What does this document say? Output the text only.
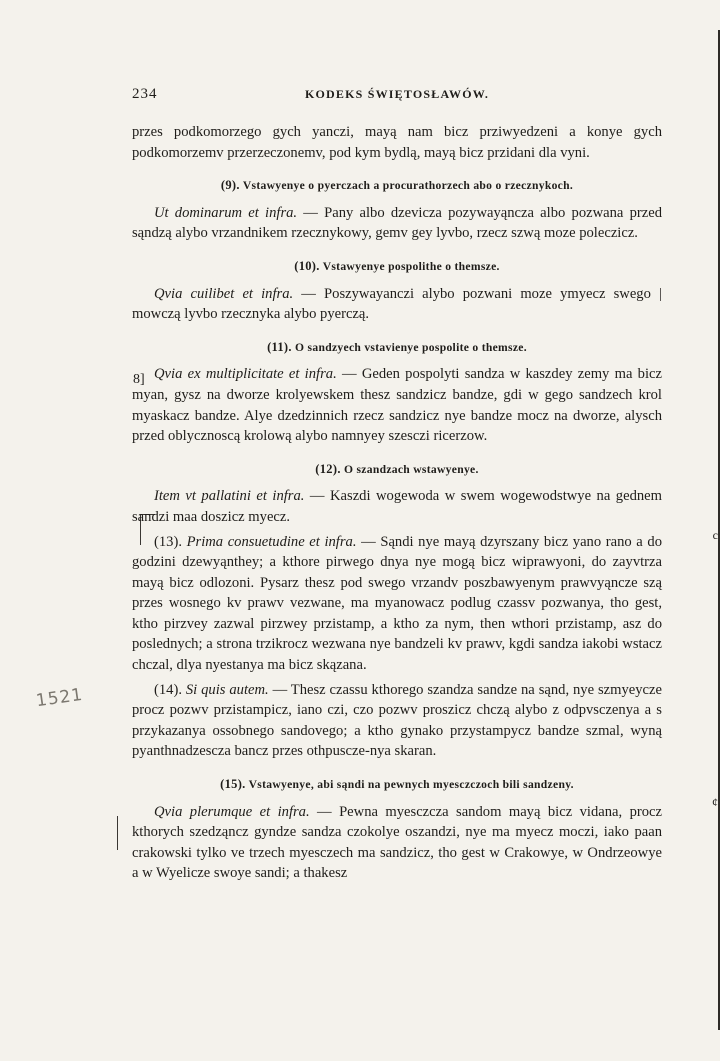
c
¢
234	KODEKS ŚWIĘTOSŁAWÓW.
8]
1521

przes podkomorzego gych yanczi, mayą nam bicz przіwyedzeni a konye gych podkomorzemv przerzeczonemv, pod kym bydlą, mayą bicz przidani dla vyni.

(9). Vstawyenye o pyerczach a procurathorzech abo o rzecznykoch.

Ut dominarum et infra. — Pany albo dzevicza pozywayąncza albo pozwana przed sąndzą alybo vrzandnikem rzecznykowy, gemv gey lyvbo, rzecz szwą moze poleczicz.

(10). Vstawyenye pospolithe o themsze.

Qvia cuilibet et infra. — Poszywayanczi alybo pozwani moze ymyecz swego | mowczą lyvbo rzecznyka alybo pyerczą.

(11). O sandzyech vstavienye pospolite o themsze.

Qvia ex multiplicitate et infra. — Geden pospolyti sandza w kaszdey zemy ma bicz myan, gysz na dworze krolyewskem thesz sandzicz bandze, gdi w gego sandzech krol myaskacz bandze. Alye dzedzinnich rzecz sandzicz nye bandze mocz na dworze, alysch przed oblycznoscą krolową alybo namnyey szesczi ricerzow.

(12). O szandzach wstawyenye.

Item vt pallatini et infra. — Kaszdi wogewoda w swem wogewodstwye na gednem sandzi maa doszicz myecz.

(13). Prima consuetudine et infra. — Sąndi nye mayą dzyrszany bicz yano rano a do godzini dzewyąnthey; a kthore pirwego dnya nye mogą bicz wiprawyoni, do zayvtrza mayą bicz odlozoni. Pysarz thesz pod swego vrzandv poszbawyenym prawvyąncze szą przes wosnego kv prawv vezwane, ma myanowacz podlug czassv pozwanya, tho gest, ktho pirzvey zazwal pirzwey przistamp, a ktho za nym, then wthori przistamp, asz do poslednych; a strona trzikrocz wezwana nye bandzeli kv prawv, kgdi sandza iakobi wstacz chczal, dlya nyestanya ma bicz skązana.

(14). Si quis autem. — Thesz czassu kthorego szandza sandze na sąnd, nye szmyeycze procz pozwv przistampicz, iano czi, czo pozwv proszicz chczą alybo z odpvsczenya a s przykazanya ossobnego sandovego; a ktho gynako przystampycz bandze szmal, wyną pyanthnadzescza bancz przes othpuscze-nya skaran.

(15). Vstawyenye, abi sąndi na pewnych myesczczoch bili sandzeny.

Qvia plerumque et infra. — Pewna myesczcza sandom mayą bicz vidana, procz kthorych szedząncz gyndze sandza czokolye oszandzi, nye ma myecz moczi, iako paan crakowski tylko ve trzech myesczech ma sandzicz, tho gest w Crakowye, w Ondrzeowye a w Wyelicze swoye sandi; a thakesz
